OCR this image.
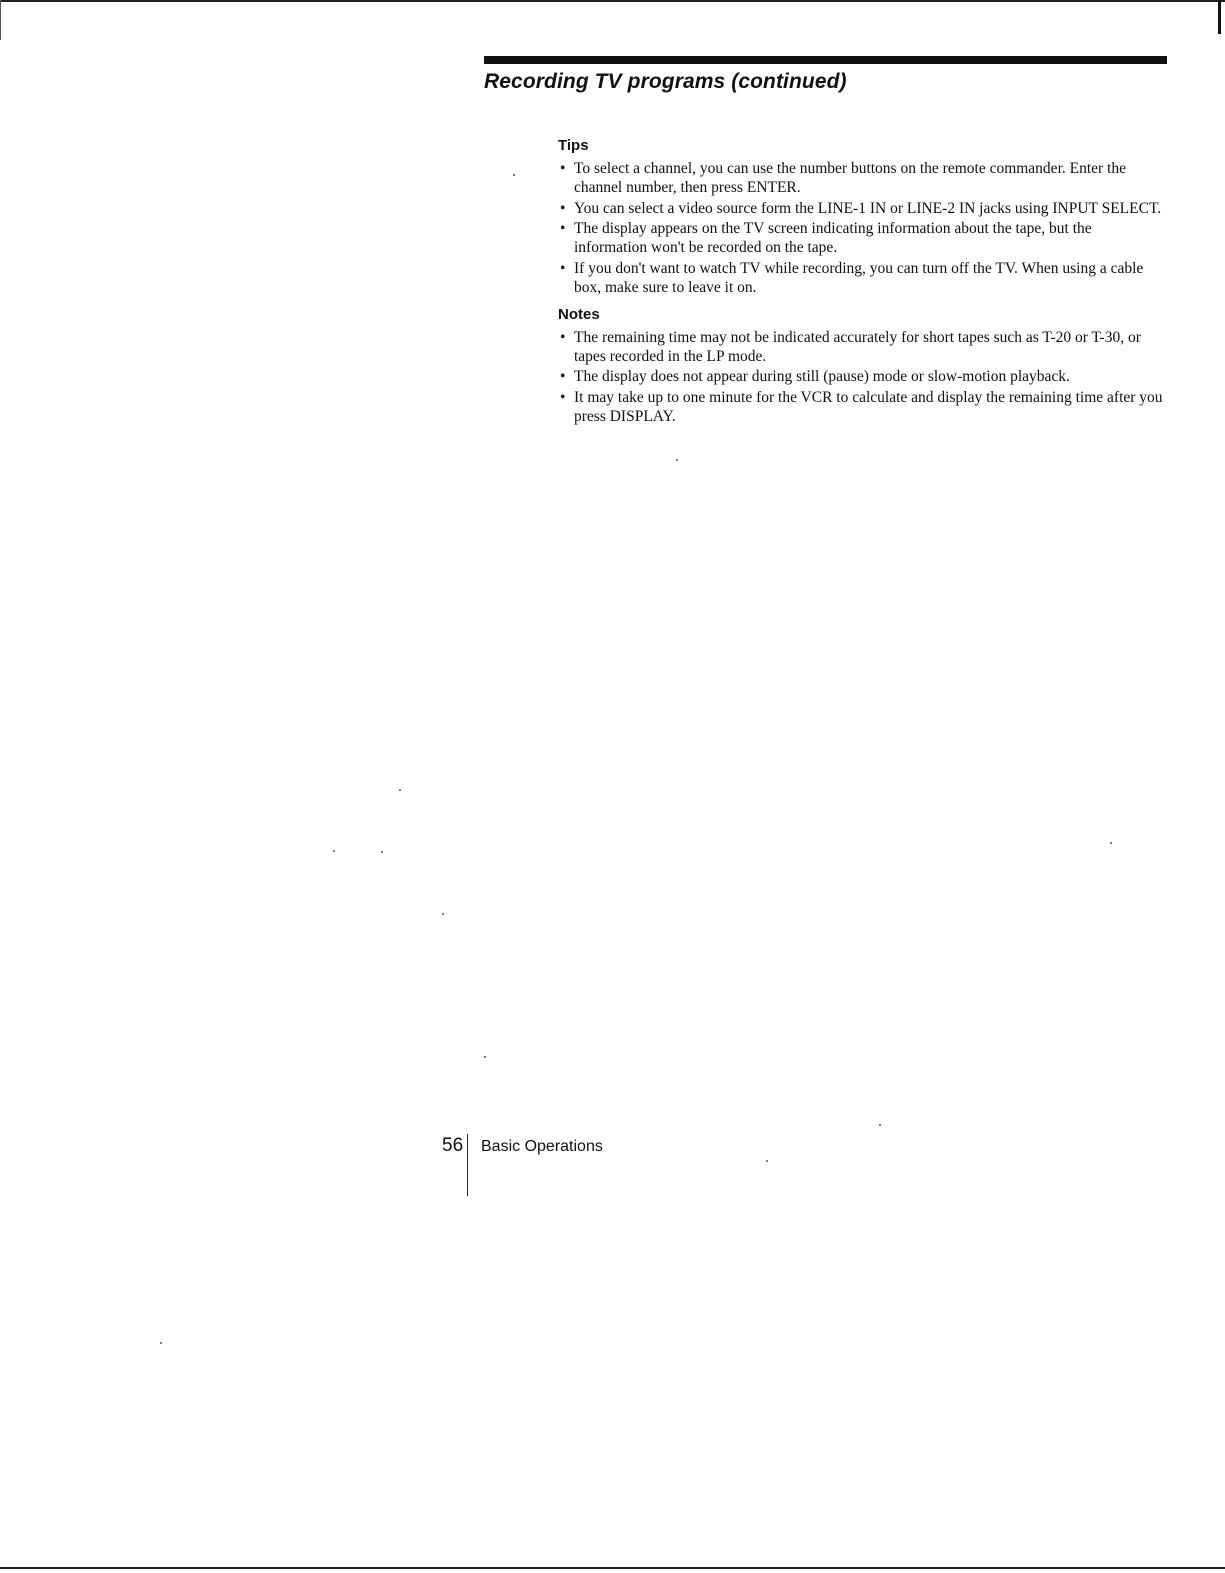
Recording TV programs (continued)
Tips
• To select a channel, you can use the number buttons on the remote commander. Enter the channel number, then press ENTER.
• You can select a video source form the LINE-1 IN or LINE-2 IN jacks using INPUT SELECT.
• The display appears on the TV screen indicating information about the tape, but the information won't be recorded on the tape.
• If you don't want to watch TV while recording, you can turn off the TV. When using a cable box, make sure to leave it on.
Notes
• The remaining time may not be indicated accurately for short tapes such as T-20 or T-30, or tapes recorded in the LP mode.
• The display does not appear during still (pause) mode or slow-motion playback.
• It may take up to one minute for the VCR to calculate and display the remaining time after you press DISPLAY.
56 Basic Operations
